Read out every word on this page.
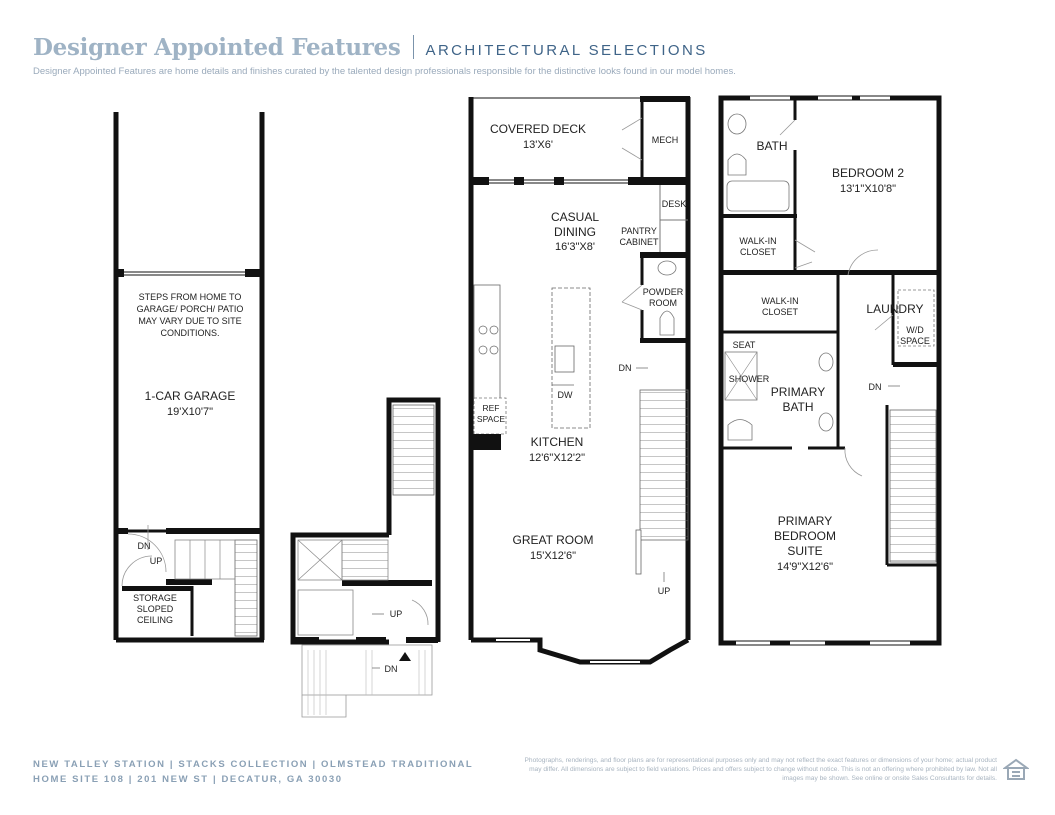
Designer Appointed Features ARCHITECTURAL SELECTIONS
Designer Appointed Features are home details and finishes curated by the talented design professionals responsible for the distinctive looks found in our model homes.
DN
UP
STEPS FROM HOME TO
GARAGE/ PORCH/ PATIO
MAY VARY DUE TO SITE
CONDITIONS.
1-CAR GARAGE
19'X10'7"
STORAGE
SLOPED
CEILING
UP
DN
COVERED DECK
13'X6'	MECH
DESK
CASUAL
DINING
16'3"X8'
PANTRY
CABINET
POWDER
ROOM
DN
REF
SPACE
DW
KITCHEN
12'6"X12'2"
GREAT ROOM
15'X12'6"
UP
BATH
BEDROOM 2
13'1"X10'8"
WALK-IN
CLOSET
WALK-IN
CLOSET	LAUNDRY
W/D
SPACE
SEAT
SHOWER
PRIMARY
BATH
DN
PRIMARY
BEDROOM
SUITE
14'9"X12'6"
NEW TALLEY STATION | STACKS COLLECTION | OLMSTEAD TRADITIONAL
HOME SITE 108 | 201 NEW ST | DECATUR, GA 30030
Photographs, renderings, and floor plans are for representational purposes only and may not reflect the exact features or dimensions of your home; actual product may differ. All dimensions are subject to field variations. Prices and offers subject to change without notice. This is not an offering where prohibited by law. Not all images may be shown. See online or onsite Sales Consultants for details.
